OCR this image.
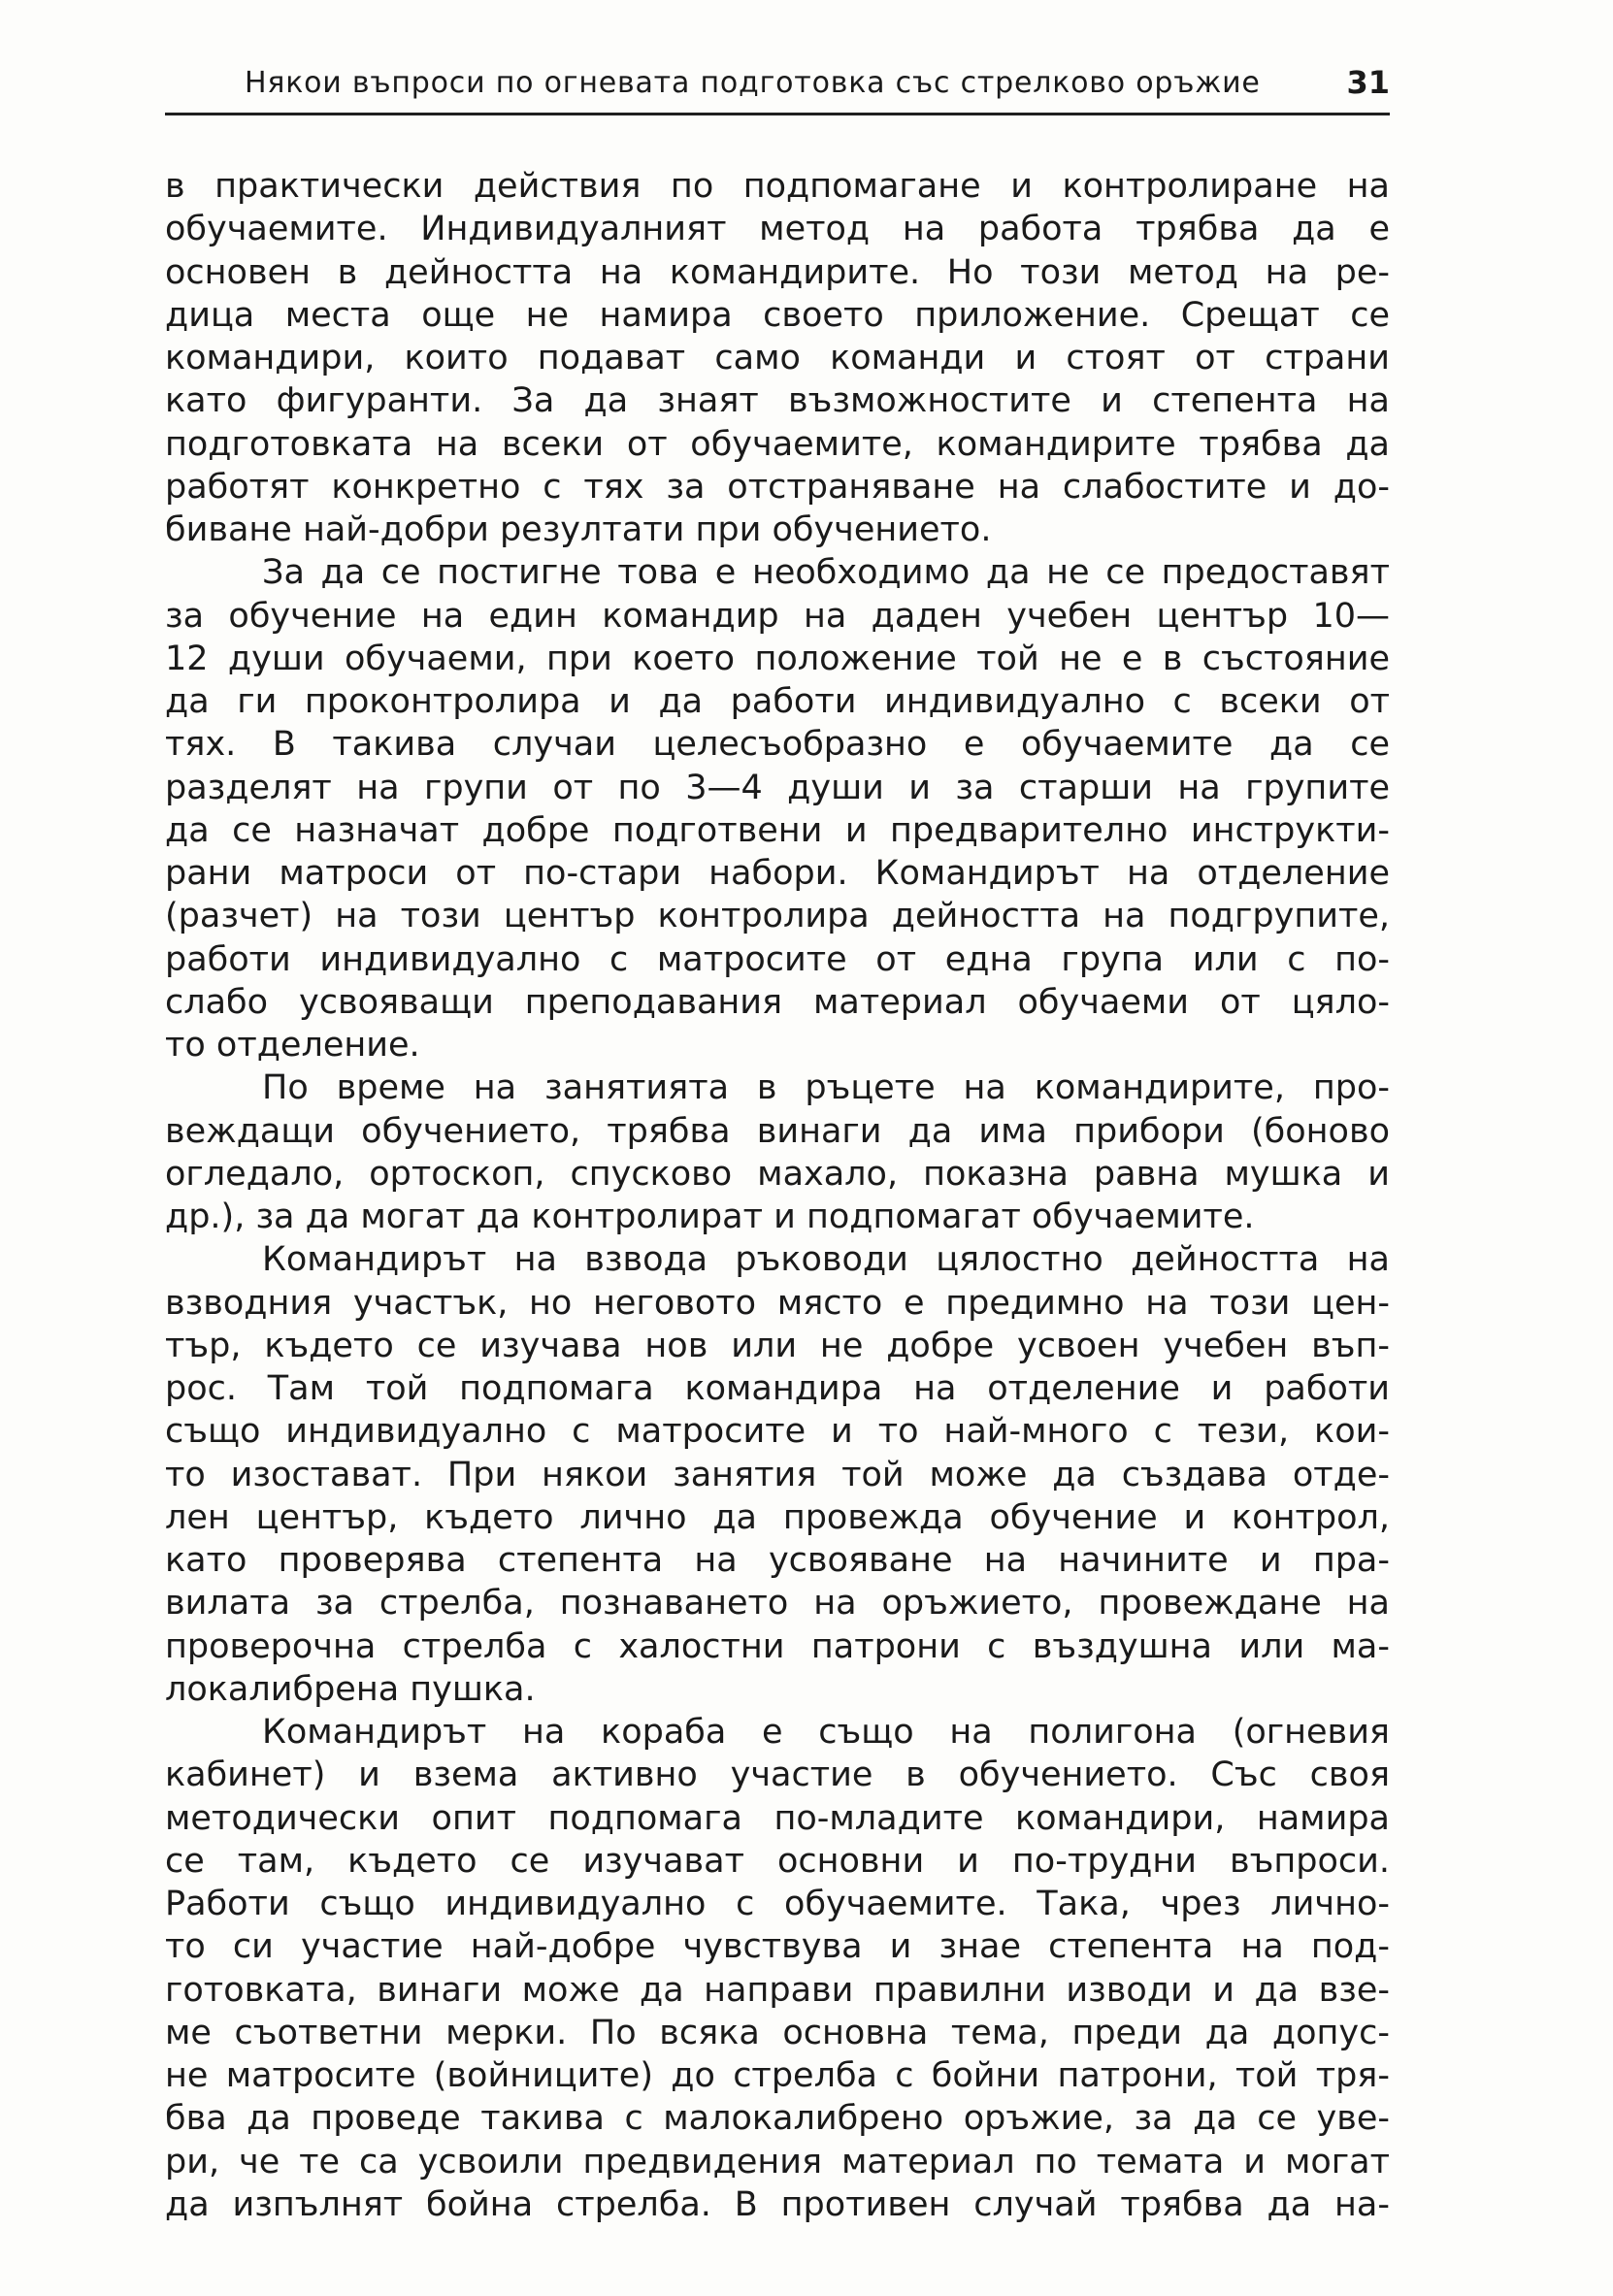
Някои въпроси по огневата подготовка със стрелково оръжие	31
в практически действия по подпомагане и контролиране на
обучаемите. Индивидуалният метод на работа трябва да е
основен в дейността на командирите. Но този метод на ре-
дица места още не намира своето приложение. Срещат се
командири, които подават само команди и стоят от страни
като фигуранти. За да знаят възможностите и степента на
подготовката на всеки от обучаемите, командирите трябва да
работят конкретно с тях за отстраняване на слабостите и до-
биване най-добри резултати при обучението.
За да се постигне това е необходимо да не се предоставят
за обучение на един командир на даден учебен център 10—
12 души обучаеми, при което положение той не е в състояние
да ги проконтролира и да работи индивидуално с всеки от
тях. В такива случаи целесъобразно е обучаемите да се
разделят на групи от по 3—4 души и за старши на групите
да се назначат добре подготвени и предварително инструкти-
рани матроси от по-стари набори. Командирът на отделение
(разчет) на този център контролира дейността на подгрупите,
работи индивидуално с матросите от една група или с по-
слабо усвояващи преподавания материал обучаеми от цяло-
то отделение.
По време на занятията в ръцете на командирите, про-
веждащи обучението, трябва винаги да има прибори (боново
огледало, ортоскоп, спусково махало, показна равна мушка и
др.), за да могат да контролират и подпомагат обучаемите.
Командирът на взвода ръководи цялостно дейността на
взводния участък, но неговото място е предимно на този цен-
тър, където се изучава нов или не добре усвоен учебен въп-
рос. Там той подпомага командира на отделение и работи
също индивидуално с матросите и то най-много с тези, кои-
то изостават. При някои занятия той може да създава отде-
лен център, където лично да провежда обучение и контрол,
като проверява степента на усвояване на начините и пра-
вилата за стрелба, познаването на оръжието, провеждане на
проверочна стрелба с халостни патрони с въздушна или ма-
локалибрена пушка.
Командирът на кораба е също на полигона (огневия
кабинет) и взема активно участие в обучението. Със своя
методически опит подпомага по-младите командири, намира
се там, където се изучават основни и по-трудни въпроси.
Работи също индивидуално с обучаемите. Така, чрез лично-
то си участие най-добре чувствува и знае степента на под-
готовката, винаги може да направи правилни изводи и да взе-
ме съответни мерки. По всяка основна тема, преди да допус-
не матросите (войниците) до стрелба с бойни патрони, той тря-
бва да проведе такива с малокалибрено оръжие, за да се уве-
ри, че те са усвоили предвидения материал по темата и могат
да изпълнят бойна стрелба. В противен случай трябва да на-
